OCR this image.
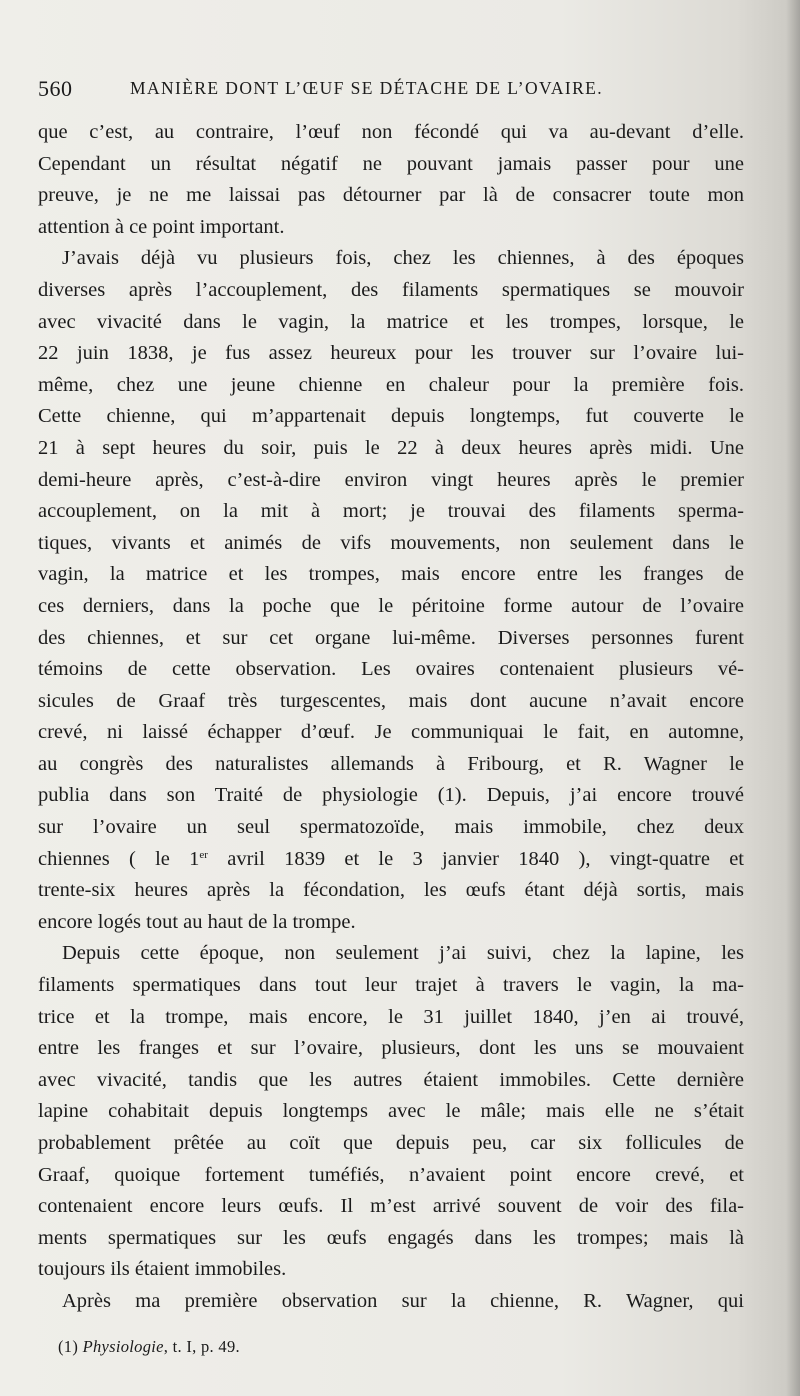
560	MANIÈRE DONT L’ŒUF SE DÉTACHE DE L’OVAIRE.

que c’est, au contraire, l’œuf non fécondé qui va au-devant d’elle.

Cependant un résultat négatif ne pouvant jamais passer pour une

preuve, je ne me laissai pas détourner par là de consacrer toute mon

attention à ce point important.

J’avais déjà vu plusieurs fois, chez les chiennes, à des époques

diverses après l’accouplement, des filaments spermatiques se mouvoir

avec vivacité dans le vagin, la matrice et les trompes, lorsque, le

22 juin 1838, je fus assez heureux pour les trouver sur l’ovaire lui-

même, chez une jeune chienne en chaleur pour la première fois.

Cette chienne, qui m’appartenait depuis longtemps, fut couverte le

21 à sept heures du soir, puis le 22 à deux heures après midi. Une

demi-heure après, c’est-à-dire environ vingt heures après le premier

accouplement, on la mit à mort; je trouvai des filaments sperma-

tiques, vivants et animés de vifs mouvements, non seulement dans le

vagin, la matrice et les trompes, mais encore entre les franges de

ces derniers, dans la poche que le péritoine forme autour de l’ovaire

des chiennes, et sur cet organe lui-même. Diverses personnes furent

témoins de cette observation. Les ovaires contenaient plusieurs vé-

sicules de Graaf très turgescentes, mais dont aucune n’avait encore

crevé, ni laissé échapper d’œuf. Je communiquai le fait, en automne,

au congrès des naturalistes allemands à Fribourg, et R. Wagner le

publia dans son Traité de physiologie (1). Depuis, j’ai encore trouvé

sur l’ovaire un seul spermatozoïde, mais immobile, chez deux

chiennes ( le 1er avril 1839 et le 3 janvier 1840 ), vingt-quatre et

trente-six heures après la fécondation, les œufs étant déjà sortis, mais

encore logés tout au haut de la trompe.

Depuis cette époque, non seulement j’ai suivi, chez la lapine, les

filaments spermatiques dans tout leur trajet à travers le vagin, la ma-

trice et la trompe, mais encore, le 31 juillet 1840, j’en ai trouvé,

entre les franges et sur l’ovaire, plusieurs, dont les uns se mouvaient

avec vivacité, tandis que les autres étaient immobiles. Cette dernière

lapine cohabitait depuis longtemps avec le mâle; mais elle ne s’était

probablement prêtée au coït que depuis peu, car six follicules de

Graaf, quoique fortement tuméfiés, n’avaient point encore crevé, et

contenaient encore leurs œufs. Il m’est arrivé souvent de voir des fila-

ments spermatiques sur les œufs engagés dans les trompes; mais là

toujours ils étaient immobiles.

Après ma première observation sur la chienne, R. Wagner, qui

(1) Physiologie, t. I, p. 49.
